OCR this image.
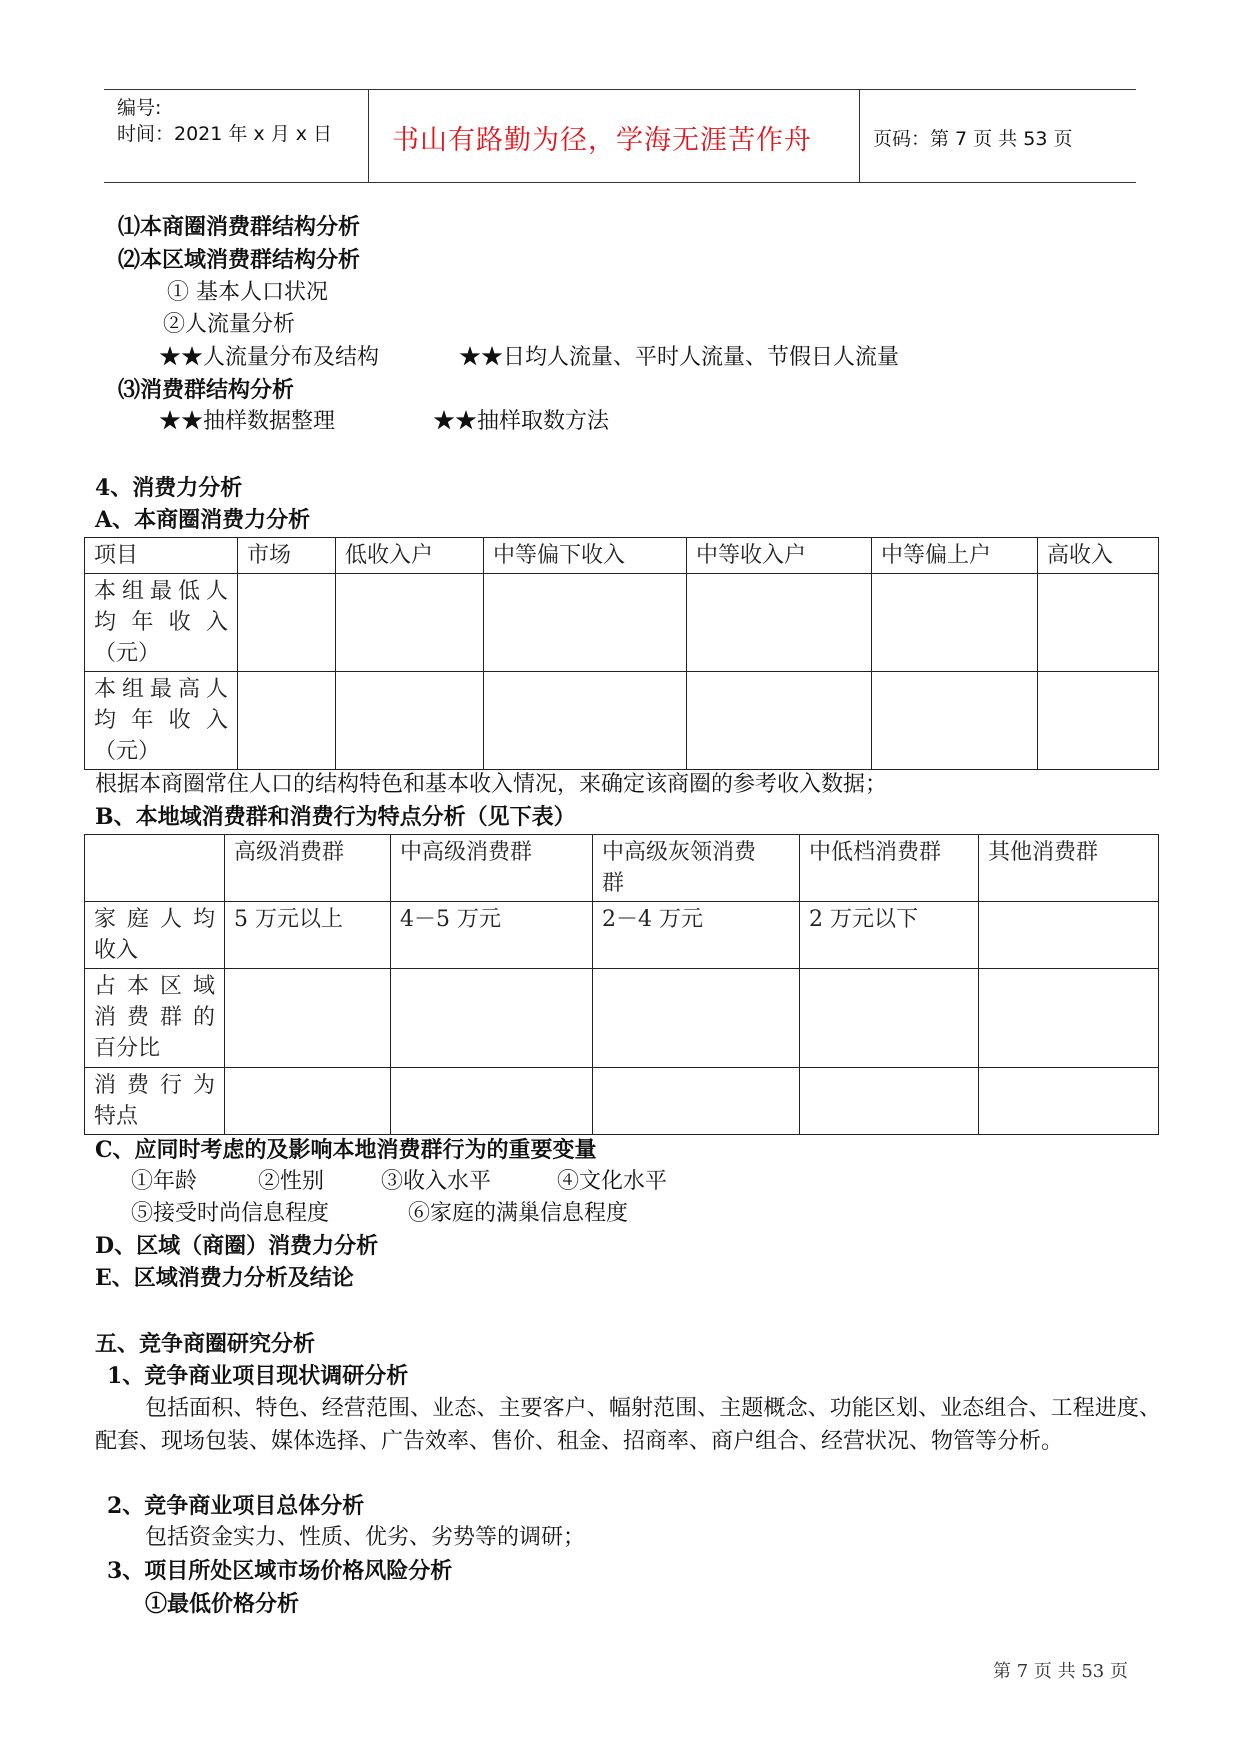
编号:
时间：2021 年 x 月 x 日 书山有路勤为径，学海无涯苦作舟	页码：第 7 页 共 53 页
⑴本商圈消费群结构分析
⑵本区域消费群结构分析
① 基本人口状况
②人流量分析
★★人流量分布及结构	★★日均人流量、平时人流量、节假日人流量
⑶消费群结构分析
★★抽样数据整理	★★抽样取数方法
4、消费力分析
A、本商圈消费力分析
项目	市场	低收入户	中等偏下收入	中等收入户	中等偏上户	高收入

本组最低人
均 年 收 入
（元）						

本组最高人
均 年 收 入
（元）						

根据本商圈常住人口的结构特色和基本收入情况，来确定该商圈的参考收入数据；
B、本地域消费群和消费行为特点分析（见下表）
	高级消费群	中高级消费群	中高级灰领消费
群	中低档消费群	其他消费群

家 庭 人 均
收入	5 万元以上	4－5 万元	2－4 万元	2 万元以下	

占 本 区 域
消 费 群 的
百分比					

消 费 行 为
特点					

C、应同时考虑的及影响本地消费群行为的重要变量
①年龄	②性别	③收入水平	④文化水平
⑤接受时尚信息程度	⑥家庭的满巢信息程度
D、区域（商圈）消费力分析
E、区域消费力分析及结论
五、竞争商圈研究分析
1、竞争商业项目现状调研分析
包括面积、特色、经营范围、业态、主要客户、幅射范围、主题概念、功能区划、业态组合、工程进度、配套、现场包装、媒体选择、广告效率、售价、租金、招商率、商户组合、经营状况、物管等分析。
2、竞争商业项目总体分析
包括资金实力、性质、优劣、劣势等的调研；
3、项目所处区域市场价格风险分析
①最低价格分析
第 7 页 共 53 页
